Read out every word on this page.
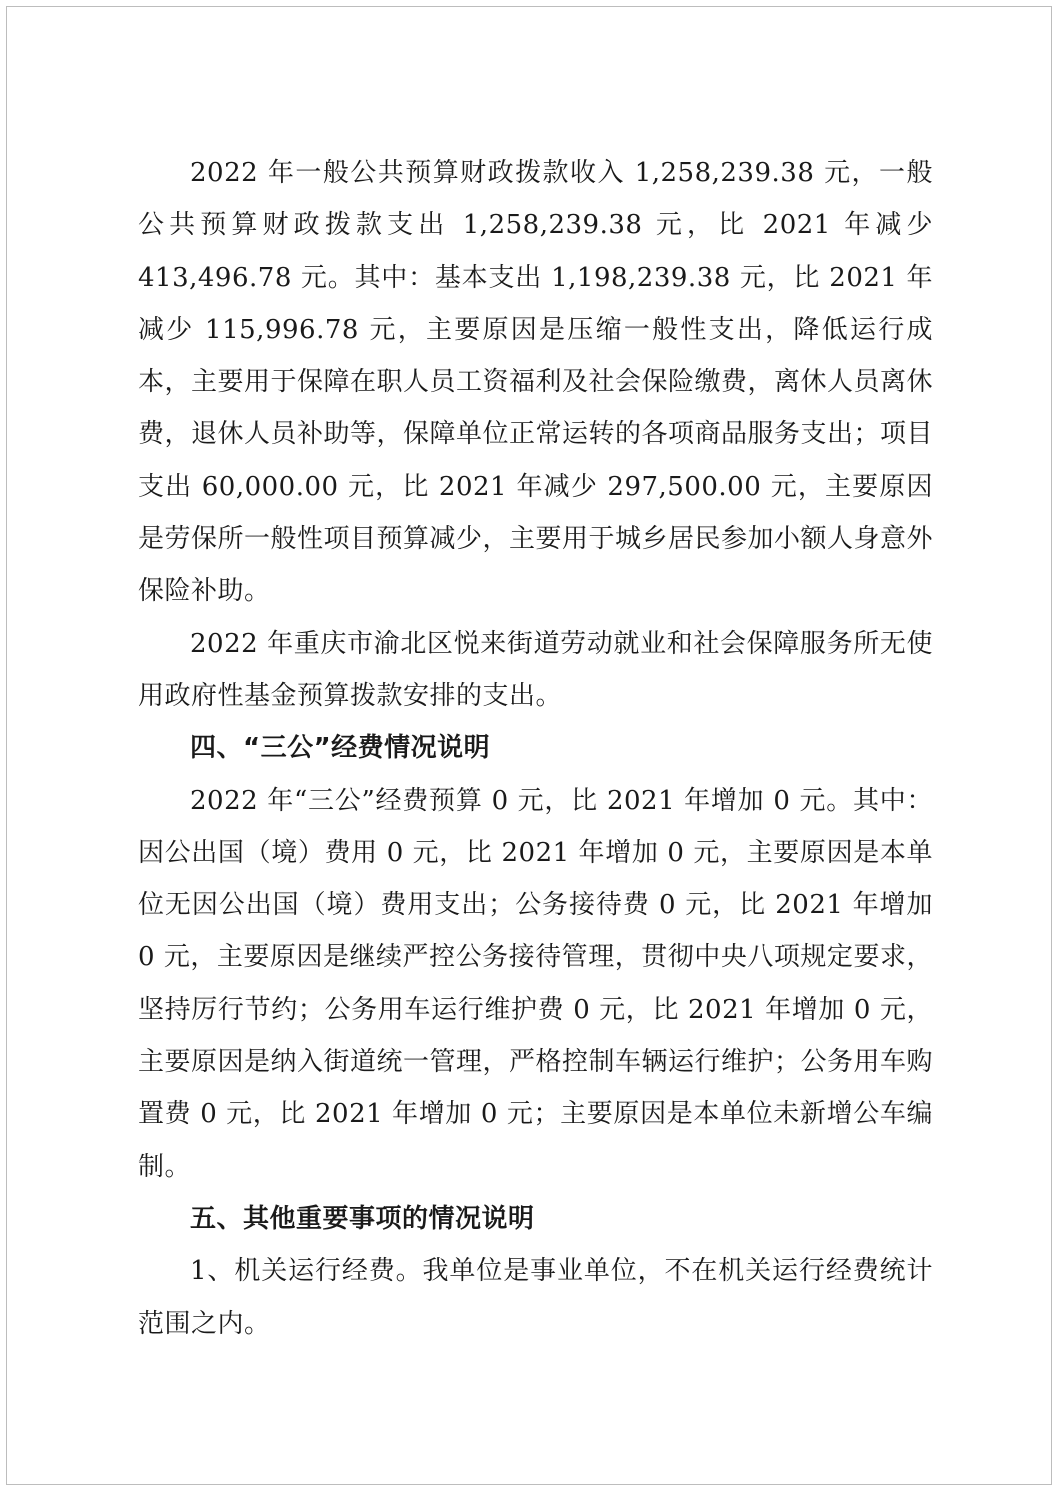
2022 年一般公共预算财政拨款收入 1,258,239.38 元，一般公共预算财政拨款支出 1,258,239.38 元，比 2021 年减少 413,496.78 元。其中：基本支出 1,198,239.38 元，比 2021 年减少 115,996.78 元，主要原因是压缩一般性支出，降低运行成本，主要用于保障在职人员工资福利及社会保险缴费，离休人员离休费，退休人员补助等，保障单位正常运转的各项商品服务支出；项目支出 60,000.00 元，比 2021 年减少 297,500.00 元，主要原因是劳保所一般性项目预算减少，主要用于城乡居民参加小额人身意外保险补助。

2022 年重庆市渝北区悦来街道劳动就业和社会保障服务所无使用政府性基金预算拨款安排的支出。

四、“三公”经费情况说明

2022 年“三公”经费预算 0 元，比 2021 年增加 0 元。其中：因公出国（境）费用 0 元，比 2021 年增加 0 元，主要原因是本单位无因公出国（境）费用支出；公务接待费 0 元，比 2021 年增加 0 元，主要原因是继续严控公务接待管理，贯彻中央八项规定要求，坚持厉行节约；公务用车运行维护费 0 元，比 2021 年增加 0 元，主要原因是纳入街道统一管理，严格控制车辆运行维护；公务用车购置费 0 元，比 2021 年增加 0 元；主要原因是本单位未新增公车编制。

五、其他重要事项的情况说明

1、机关运行经费。我单位是事业单位，不在机关运行经费统计范围之内。
